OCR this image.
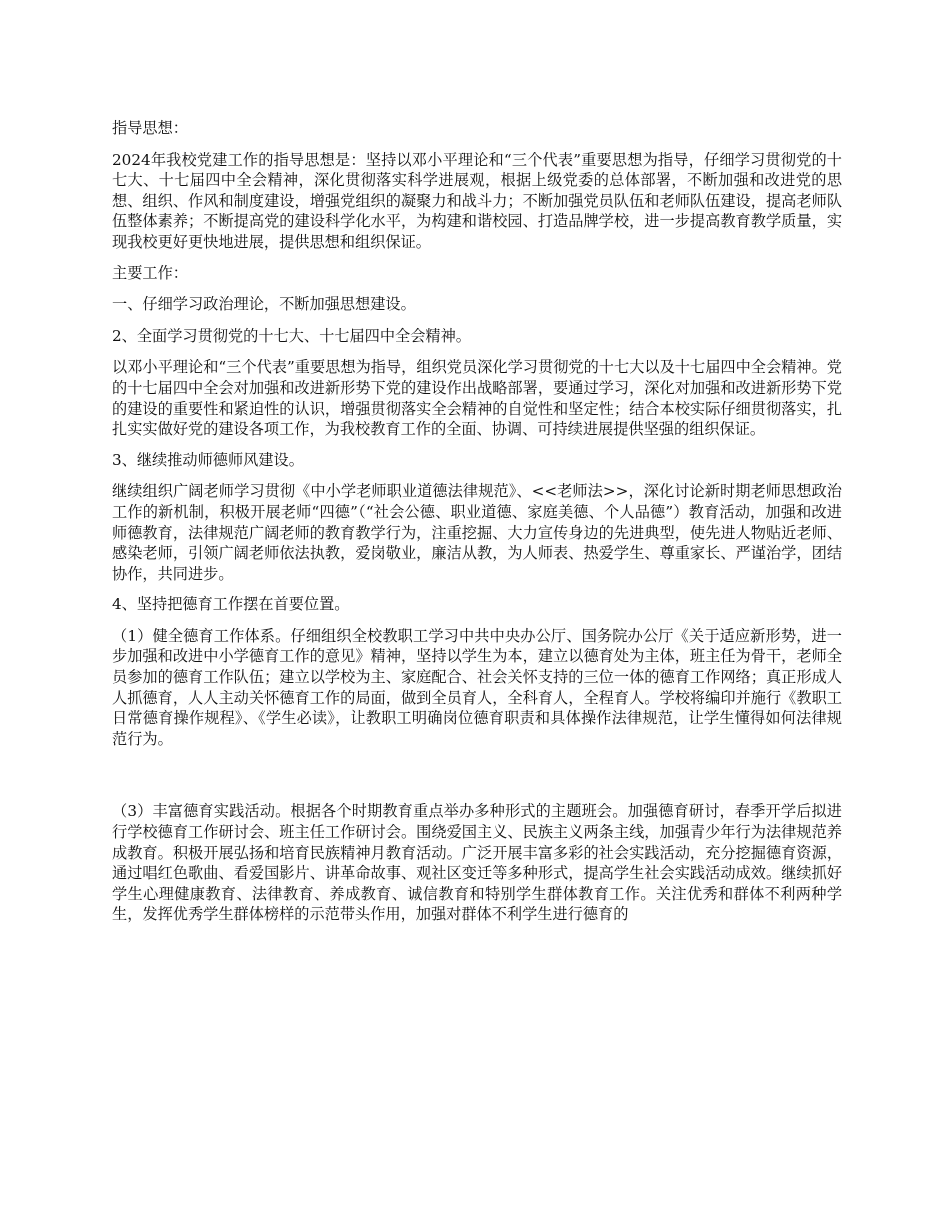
指导思想：

2024年我校党建工作的指导思想是：坚持以邓小平理论和“三个代表”重要思想为指导，仔细学习贯彻党的十七大、十七届四中全会精神，深化贯彻落实科学进展观，根据上级党委的总体部署，不断加强和改进党的思想、组织、作风和制度建设，增强党组织的凝聚力和战斗力；不断加强党员队伍和老师队伍建设，提高老师队伍整体素养；不断提高党的建设科学化水平，为构建和谐校园、打造品牌学校，进一步提高教育教学质量，实现我校更好更快地进展，提供思想和组织保证。

主要工作：

一、仔细学习政治理论，不断加强思想建设。

2、全面学习贯彻党的十七大、十七届四中全会精神。

以邓小平理论和“三个代表”重要思想为指导，组织党员深化学习贯彻党的十七大以及十七届四中全会精神。党的十七届四中全会对加强和改进新形势下党的建设作出战略部署，要通过学习，深化对加强和改进新形势下党的建设的重要性和紧迫性的认识，增强贯彻落实全会精神的自觉性和坚定性；结合本校实际仔细贯彻落实，扎扎实实做好党的建设各项工作，为我校教育工作的全面、协调、可持续进展提供坚强的组织保证。

3、继续推动师德师风建设。

继续组织广阔老师学习贯彻《中小学老师职业道德法律规范》、<<老师法>>，深化讨论新时期老师思想政治工作的新机制，积极开展老师“四德”（“社会公德、职业道德、家庭美德、个人品德”）教育活动，加强和改进师德教育，法律规范广阔老师的教育教学行为，注重挖掘、大力宣传身边的先进典型，使先进人物贴近老师、感染老师，引领广阔老师依法执教，爱岗敬业，廉洁从教，为人师表、热爱学生、尊重家长、严谨治学，团结协作，共同进步。

4、坚持把德育工作摆在首要位置。

（1）健全德育工作体系。仔细组织全校教职工学习中共中央办公厅、国务院办公厅《关于适应新形势，进一步加强和改进中小学德育工作的意见》精神，坚持以学生为本，建立以德育处为主体，班主任为骨干，老师全员参加的德育工作队伍；建立以学校为主、家庭配合、社会关怀支持的三位一体的德育工作网络；真正形成人人抓德育，人人主动关怀德育工作的局面，做到全员育人，全科育人，全程育人。学校将编印并施行《教职工日常德育操作规程》、《学生必读》，让教职工明确岗位德育职责和具体操作法律规范，让学生懂得如何法律规范行为。

（3）丰富德育实践活动。根据各个时期教育重点举办多种形式的主题班会。加强德育研讨，春季开学后拟进行学校德育工作研讨会、班主任工作研讨会。围绕爱国主义、民族主义两条主线，加强青少年行为法律规范养成教育。积极开展弘扬和培育民族精神月教育活动。广泛开展丰富多彩的社会实践活动，充分挖掘德育资源，通过唱红色歌曲、看爱国影片、讲革命故事、观社区变迁等多种形式，提高学生社会实践活动成效。继续抓好学生心理健康教育、法律教育、养成教育、诚信教育和特别学生群体教育工作。关注优秀和群体不利两种学生，发挥优秀学生群体榜样的示范带头作用，加强对群体不利学生进行德育的
